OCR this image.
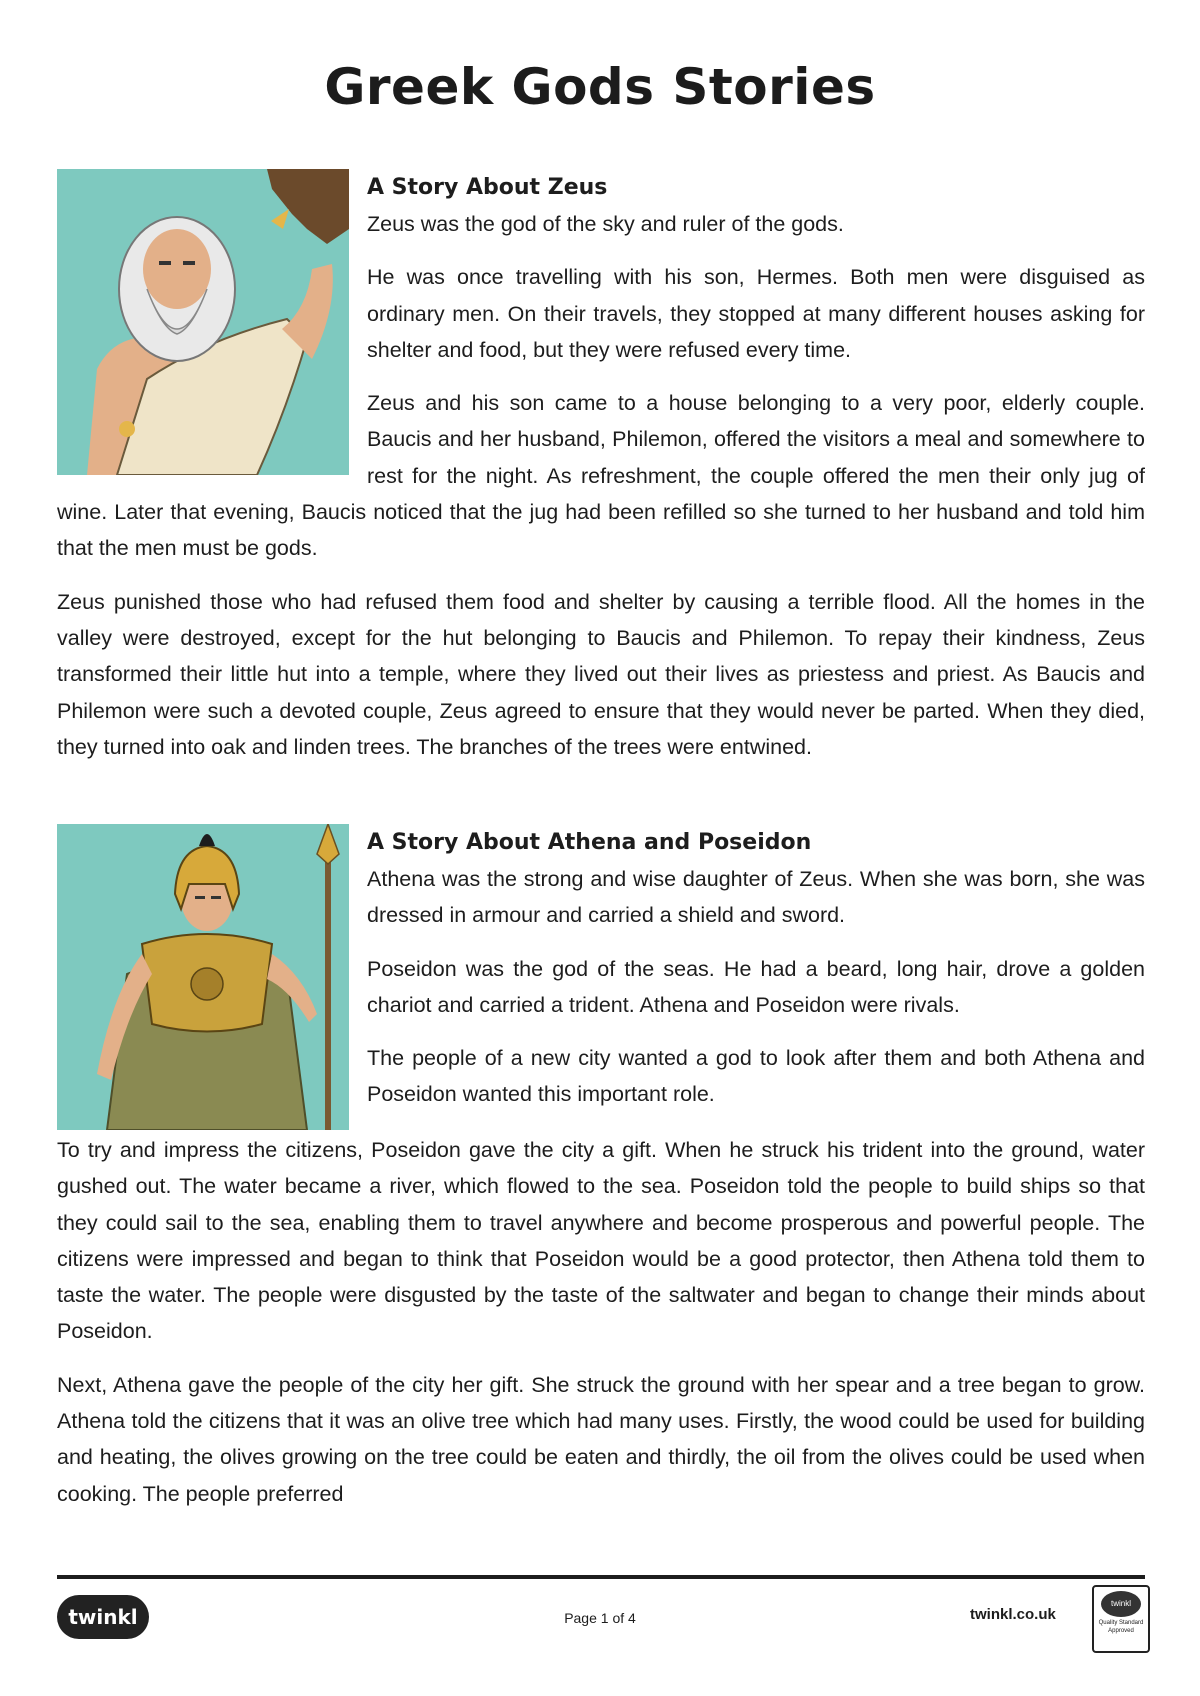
Greek Gods Stories
A Story About Zeus

Zeus was the god of the sky and ruler of the gods.

He was once travelling with his son, Hermes. Both men were disguised as ordinary men. On their travels, they stopped at many different houses asking for shelter and food, but they were refused every time.

Zeus and his son came to a house belonging to a very poor, elderly couple. Baucis and her husband, Philemon, offered the visitors a meal and somewhere to rest for the night. As refreshment, the couple offered the men their only jug of wine. Later that evening, Baucis noticed that the jug had been refilled so she turned to her husband and told him that the men must be gods.

Zeus punished those who had refused them food and shelter by causing a terrible flood. All the homes in the valley were destroyed, except for the hut belonging to Baucis and Philemon. To repay their kindness, Zeus transformed their little hut into a temple, where they lived out their lives as priestess and priest. As Baucis and Philemon were such a devoted couple, Zeus agreed to ensure that they would never be parted. When they died, they turned into oak and linden trees. The branches of the trees were entwined.

A Story About Athena and Poseidon

Athena was the strong and wise daughter of Zeus. When she was born, she was dressed in armour and carried a shield and sword.

Poseidon was the god of the seas. He had a beard, long hair, drove a golden chariot and carried a trident. Athena and Poseidon were rivals.

The people of a new city wanted a god to look after them and both Athena and Poseidon wanted this important role.

To try and impress the citizens, Poseidon gave the city a gift. When he struck his trident into the ground, water gushed out. The water became a river, which flowed to the sea. Poseidon told the people to build ships so that they could sail to the sea, enabling them to travel anywhere and become prosperous and powerful people. The citizens were impressed and began to think that Poseidon would be a good protector, then Athena told them to taste the water. The people were disgusted by the taste of the saltwater and began to change their minds about Poseidon.

Next, Athena gave the people of the city her gift. She struck the ground with her spear and a tree began to grow. Athena told the citizens that it was an olive tree which had many uses. Firstly, the wood could be used for building and heating, the olives growing on the tree could be eaten and thirdly, the oil from the olives could be used when cooking. The people preferred

twinkl	Page 1 of 4	twinkl.co.uk
twinkl
Quality Standard Approved
